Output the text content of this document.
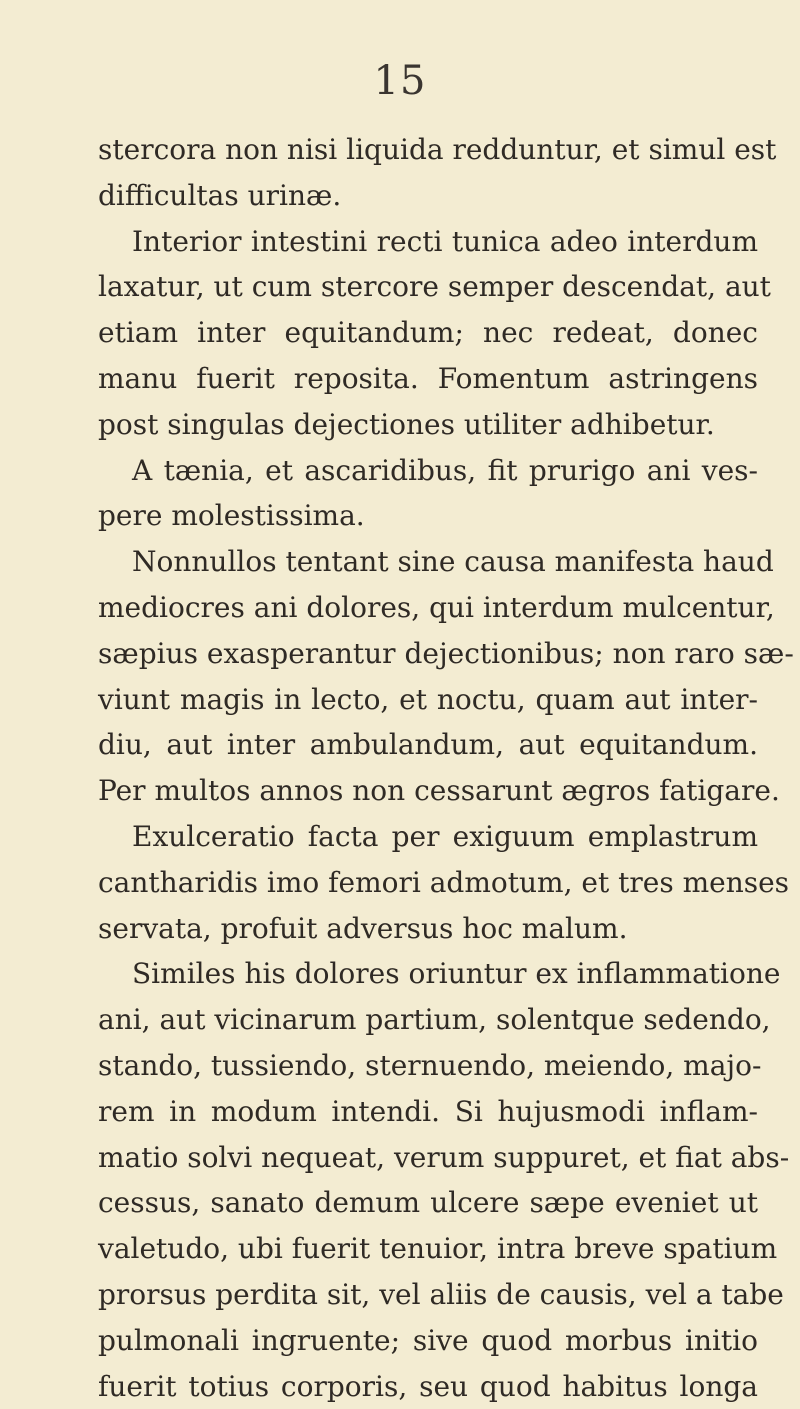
15
stercora non nisi liquida redduntur, et simul est
difficultas urinæ.
Interior intestini recti tunica adeo interdum
laxatur, ut cum stercore semper descendat, aut
etiam inter equitandum; nec redeat, donec
manu fuerit reposita. Fomentum astringens
post singulas dejectiones utiliter adhibetur.
A tænia, et ascaridibus, fit prurigo ani ves-
pere molestissima.
Nonnullos tentant sine causa manifesta haud
mediocres ani dolores, qui interdum mulcentur,
sæpius exasperantur dejectionibus; non raro sæ-
viunt magis in lecto, et noctu, quam aut inter-
diu, aut inter ambulandum, aut equitandum.
Per multos annos non cessarunt ægros fatigare.
Exulceratio facta per exiguum emplastrum
cantharidis imo femori admotum, et tres menses
servata, profuit adversus hoc malum.
Similes his dolores oriuntur ex inflammatione
ani, aut vicinarum partium, solentque sedendo,
stando, tussiendo, sternuendo, meiendo, majo-
rem in modum intendi. Si hujusmodi inflam-
matio solvi nequeat, verum suppuret, et fiat abs-
cessus, sanato demum ulcere sæpe eveniet ut
valetudo, ubi fuerit tenuior, intra breve spatium
prorsus perdita sit, vel aliis de causis, vel a tabe
pulmonali ingruente; sive quod morbus initio
fuerit totius corporis, seu quod habitus longa
